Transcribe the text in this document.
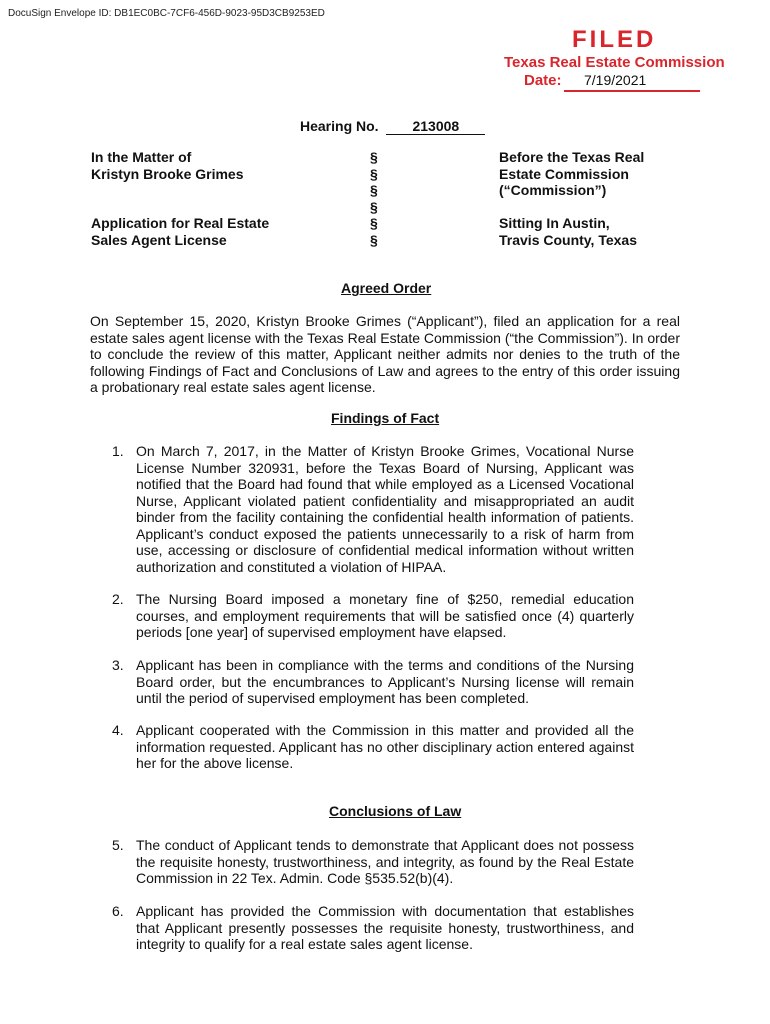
DocuSign Envelope ID: DB1EC0BC-7CF6-456D-9023-95D3CB9253ED
FILED
Texas Real Estate Commission
Date: 7/19/2021
Hearing No. 213008
In the Matter of
Kristyn Brooke Grimes
Application for Real Estate
Sales Agent License
§
§
§
§
§
§
Before the Texas Real
Estate Commission
(“Commission”)
Sitting In Austin,
Travis County, Texas
Agreed Order
On September 15, 2020, Kristyn Brooke Grimes (“Applicant”), filed an application for a real estate sales agent license with the Texas Real Estate Commission (“the Commission”). In order to conclude the review of this matter, Applicant neither admits nor denies to the truth of the following Findings of Fact and Conclusions of Law and agrees to the entry of this order issuing a probationary real estate sales agent license.
Findings of Fact
1. On March 7, 2017, in the Matter of Kristyn Brooke Grimes, Vocational Nurse License Number 320931, before the Texas Board of Nursing, Applicant was notified that the Board had found that while employed as a Licensed Vocational Nurse, Applicant violated patient confidentiality and misappropriated an audit binder from the facility containing the confidential health information of patients. Applicant’s conduct exposed the patients unnecessarily to a risk of harm from use, accessing or disclosure of confidential medical information without written authorization and constituted a violation of HIPAA.
2. The Nursing Board imposed a monetary fine of $250, remedial education courses, and employment requirements that will be satisfied once (4) quarterly periods [one year] of supervised employment have elapsed.
3. Applicant has been in compliance with the terms and conditions of the Nursing Board order, but the encumbrances to Applicant’s Nursing license will remain until the period of supervised employment has been completed.
4. Applicant cooperated with the Commission in this matter and provided all the information requested. Applicant has no other disciplinary action entered against her for the above license.
Conclusions of Law
5. The conduct of Applicant tends to demonstrate that Applicant does not possess the requisite honesty, trustworthiness, and integrity, as found by the Real Estate Commission in 22 Tex. Admin. Code §535.52(b)(4).
6. Applicant has provided the Commission with documentation that establishes that Applicant presently possesses the requisite honesty, trustworthiness, and integrity to qualify for a real estate sales agent license.
